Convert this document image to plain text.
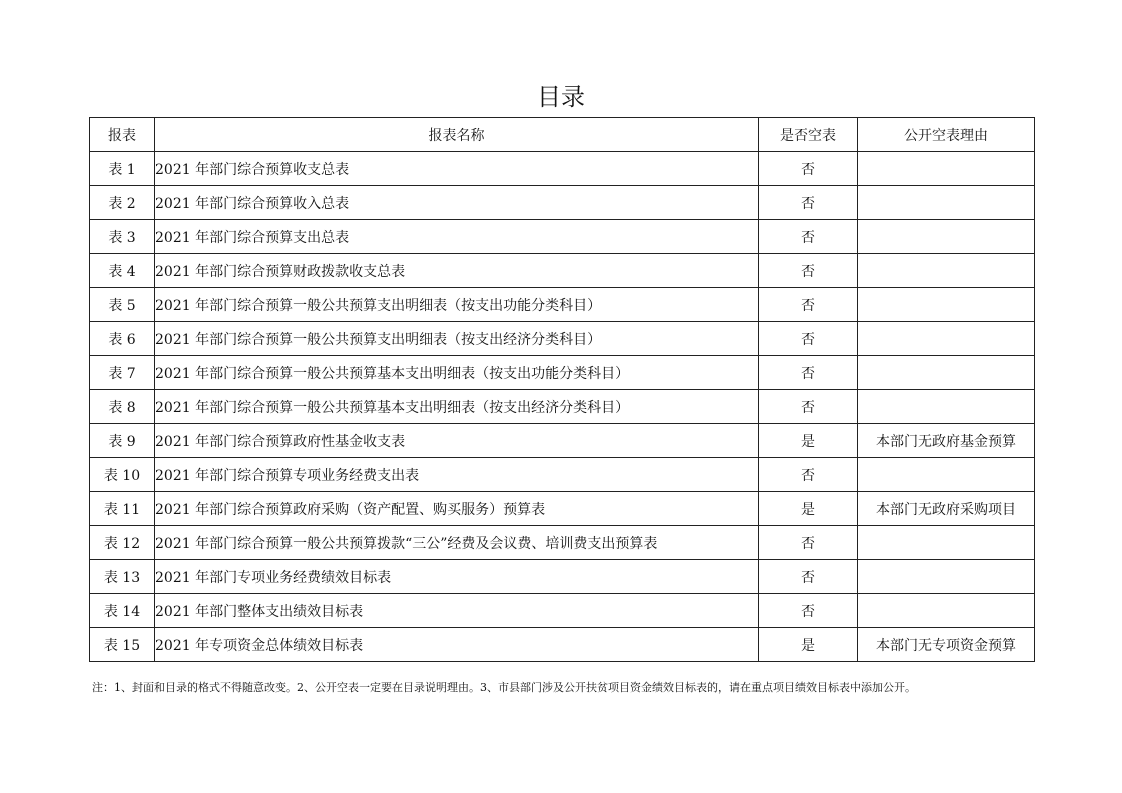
目录
报表	报表名称	是否空表	公开空表理由
表 1	2021 年部门综合预算收支总表	否	
表 2	2021 年部门综合预算收入总表	否	
表 3	2021 年部门综合预算支出总表	否	
表 4	2021 年部门综合预算财政拨款收支总表	否	
表 5	2021 年部门综合预算一般公共预算支出明细表（按支出功能分类科目）	否	
表 6	2021 年部门综合预算一般公共预算支出明细表（按支出经济分类科目）	否	
表 7	2021 年部门综合预算一般公共预算基本支出明细表（按支出功能分类科目）	否	
表 8	2021 年部门综合预算一般公共预算基本支出明细表（按支出经济分类科目）	否	
表 9	2021 年部门综合预算政府性基金收支表	是	本部门无政府基金预算
表 10	2021 年部门综合预算专项业务经费支出表	否	
表 11	2021 年部门综合预算政府采购（资产配置、购买服务）预算表	是	本部门无政府采购项目
表 12	2021 年部门综合预算一般公共预算拨款“三公”经费及会议费、培训费支出预算表	否	
表 13	2021 年部门专项业务经费绩效目标表	否	
表 14	2021 年部门整体支出绩效目标表	否	
表 15	2021 年专项资金总体绩效目标表	是	本部门无专项资金预算
注：1、封面和目录的格式不得随意改变。2、公开空表一定要在目录说明理由。3、市县部门涉及公开扶贫项目资金绩效目标表的，请在重点项目绩效目标表中添加公开。
